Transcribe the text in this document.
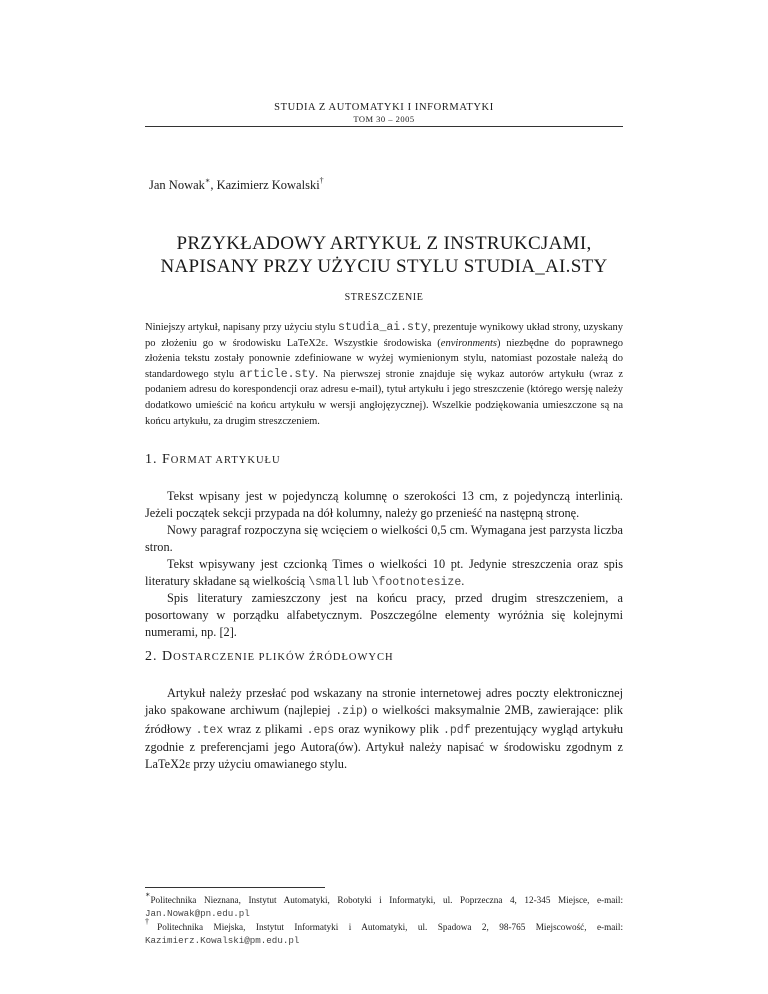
STUDIA Z AUTOMATYKI I INFORMATYKI
TOM 30 – 2005
Jan Nowak∗, Kazimierz Kowalski†
PRZYKŁADOWY ARTYKUŁ Z INSTRUKCJAMI,
NAPISANY PRZY UŻYCIU STYLU STUDIA_AI.STY
STRESZCZENIE
Niniejszy artykuł, napisany przy użyciu stylu studia_ai.sty, prezentuje wynikowy układ strony, uzyskany po złożeniu go w środowisku LaTeX2ε. Wszystkie środowiska (environments) niezbędne do poprawnego złożenia tekstu zostały ponownie zdefiniowane w wyżej wymienionym stylu, natomiast pozostałe należą do standardowego stylu article.sty. Na pierwszej stronie znajduje się wykaz autorów artykułu (wraz z podaniem adresu do korespondencji oraz adresu e-mail), tytuł artykułu i jego streszczenie (którego wersję należy dodatkowo umieścić na końcu artykułu w wersji angłojęzycznej). Wszelkie podziękowania umieszczone są na końcu artykułu, za drugim streszczeniem.
1. FORMAT ARTYKUŁU
Tekst wpisany jest w pojedynczą kolumnę o szerokości 13 cm, z pojedynczą interlinią. Jeżeli początek sekcji przypada na dół kolumny, należy go przenieść na następną stronę.
Nowy paragraf rozpoczyna się wcięciem o wielkości 0,5 cm. Wymagana jest parzysta liczba stron.
Tekst wpisywany jest czcionką Times o wielkości 10 pt. Jedynie streszczenia oraz spis literatury składane są wielkością \small lub \footnotesize.
Spis literatury zamieszczony jest na końcu pracy, przed drugim streszczeniem, a posortowany w porządku alfabetycznym. Poszczególne elementy wyróżnia się kolejnymi numerami, np. [2].
2. DOSTARCZENIE PLIKÓW ŹRÓDŁOWYCH
Artykuł należy przesłać pod wskazany na stronie internetowej adres poczty elektronicznej jako spakowane archiwum (najlepiej .zip) o wielkości maksymalnie 2MB, zawierające: plik źródłowy .tex wraz z plikami .eps oraz wynikowy plik .pdf prezentujący wygląd artykułu zgodnie z preferencjami jego Autora(ów). Artykuł należy napisać w środowisku zgodnym z LaTeX2ε przy użyciu omawianego stylu.
∗Politechnika Nieznana, Instytut Automatyki, Robotyki i Informatyki, ul. Poprzeczna 4, 12-345 Miejsce, e-mail: Jan.Nowak@pn.edu.pl
†Politechnika Miejska, Instytut Informatyki i Automatyki, ul. Spadowa 2, 98-765 Miejscowość, e-mail: Kazimierz.Kowalski@pm.edu.pl
